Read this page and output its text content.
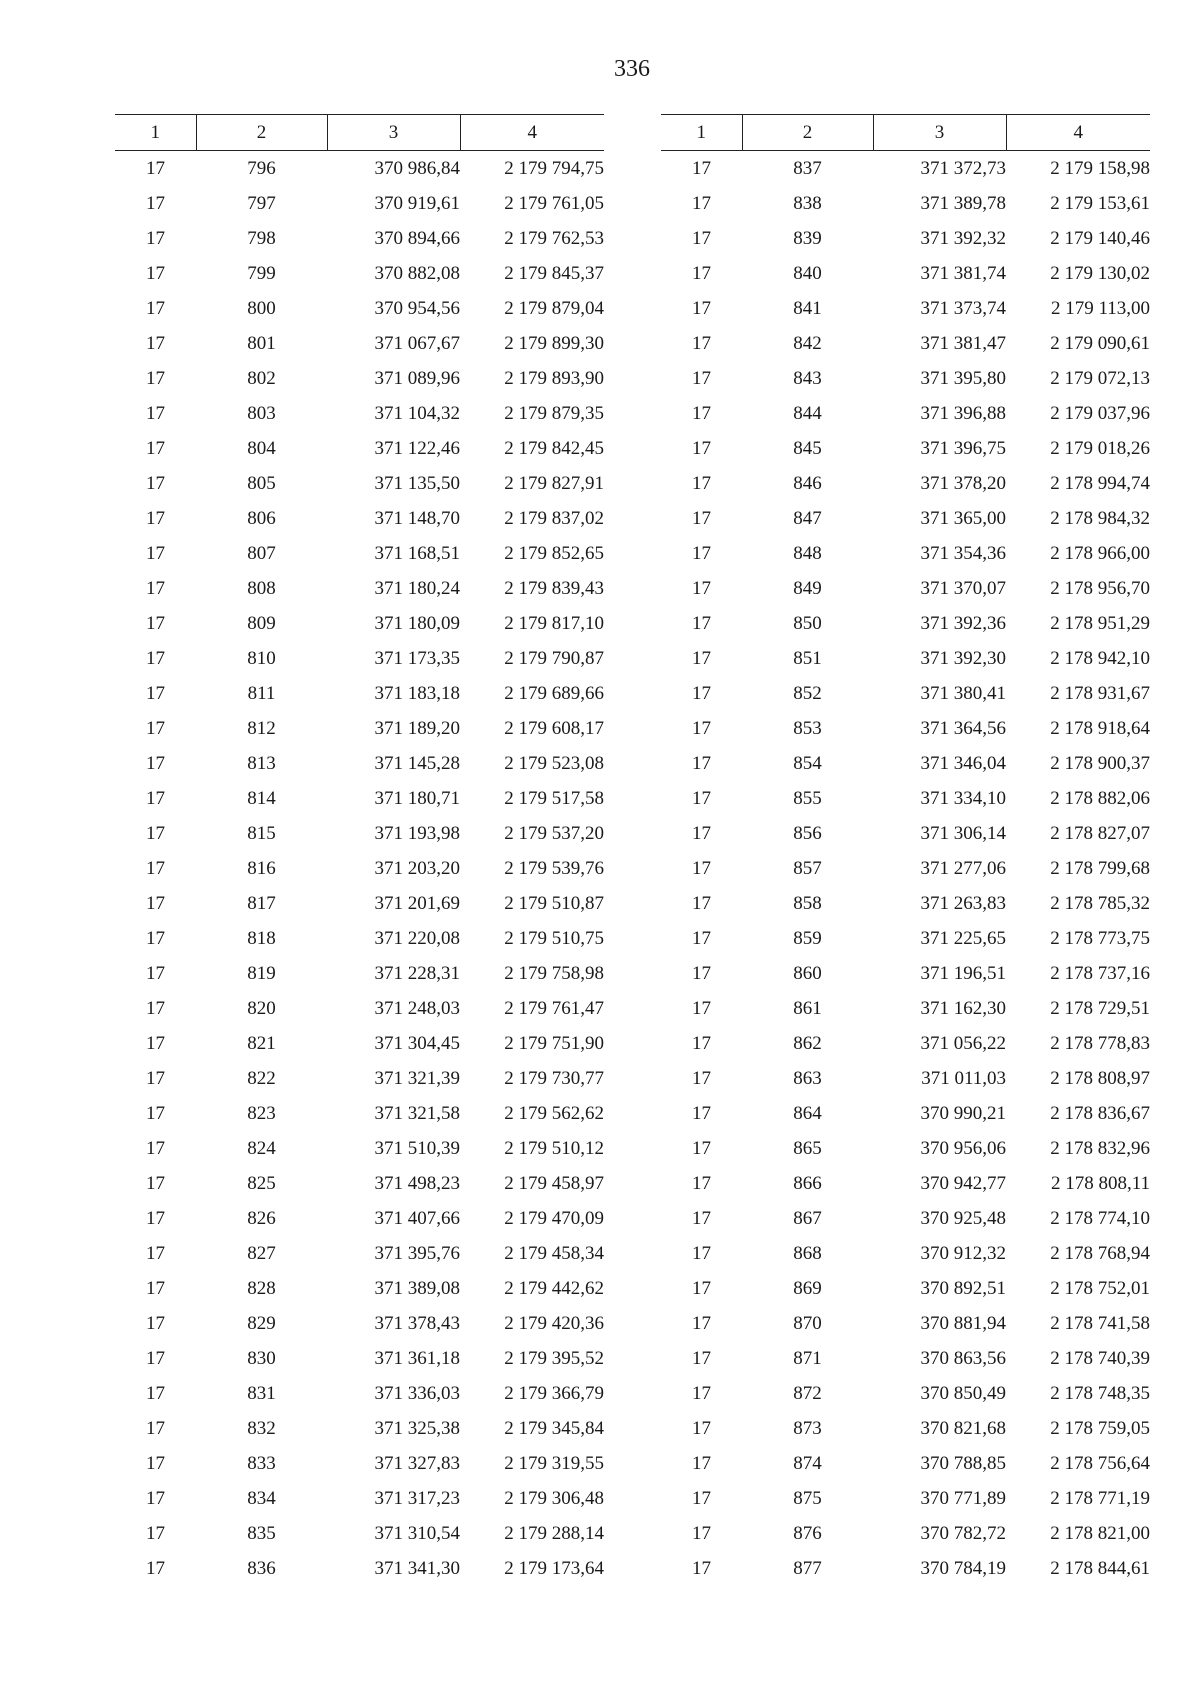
336
1	2	3	4
17	796	370 986,84	2 179 794,75
17	797	370 919,61	2 179 761,05
17	798	370 894,66	2 179 762,53
17	799	370 882,08	2 179 845,37
17	800	370 954,56	2 179 879,04
17	801	371 067,67	2 179 899,30
17	802	371 089,96	2 179 893,90
17	803	371 104,32	2 179 879,35
17	804	371 122,46	2 179 842,45
17	805	371 135,50	2 179 827,91
17	806	371 148,70	2 179 837,02
17	807	371 168,51	2 179 852,65
17	808	371 180,24	2 179 839,43
17	809	371 180,09	2 179 817,10
17	810	371 173,35	2 179 790,87
17	811	371 183,18	2 179 689,66
17	812	371 189,20	2 179 608,17
17	813	371 145,28	2 179 523,08
17	814	371 180,71	2 179 517,58
17	815	371 193,98	2 179 537,20
17	816	371 203,20	2 179 539,76
17	817	371 201,69	2 179 510,87
17	818	371 220,08	2 179 510,75
17	819	371 228,31	2 179 758,98
17	820	371 248,03	2 179 761,47
17	821	371 304,45	2 179 751,90
17	822	371 321,39	2 179 730,77
17	823	371 321,58	2 179 562,62
17	824	371 510,39	2 179 510,12
17	825	371 498,23	2 179 458,97
17	826	371 407,66	2 179 470,09
17	827	371 395,76	2 179 458,34
17	828	371 389,08	2 179 442,62
17	829	371 378,43	2 179 420,36
17	830	371 361,18	2 179 395,52
17	831	371 336,03	2 179 366,79
17	832	371 325,38	2 179 345,84
17	833	371 327,83	2 179 319,55
17	834	371 317,23	2 179 306,48
17	835	371 310,54	2 179 288,14
17	836	371 341,30	2 179 173,64
1	2	3	4
17	837	371 372,73	2 179 158,98
17	838	371 389,78	2 179 153,61
17	839	371 392,32	2 179 140,46
17	840	371 381,74	2 179 130,02
17	841	371 373,74	2 179 113,00
17	842	371 381,47	2 179 090,61
17	843	371 395,80	2 179 072,13
17	844	371 396,88	2 179 037,96
17	845	371 396,75	2 179 018,26
17	846	371 378,20	2 178 994,74
17	847	371 365,00	2 178 984,32
17	848	371 354,36	2 178 966,00
17	849	371 370,07	2 178 956,70
17	850	371 392,36	2 178 951,29
17	851	371 392,30	2 178 942,10
17	852	371 380,41	2 178 931,67
17	853	371 364,56	2 178 918,64
17	854	371 346,04	2 178 900,37
17	855	371 334,10	2 178 882,06
17	856	371 306,14	2 178 827,07
17	857	371 277,06	2 178 799,68
17	858	371 263,83	2 178 785,32
17	859	371 225,65	2 178 773,75
17	860	371 196,51	2 178 737,16
17	861	371 162,30	2 178 729,51
17	862	371 056,22	2 178 778,83
17	863	371 011,03	2 178 808,97
17	864	370 990,21	2 178 836,67
17	865	370 956,06	2 178 832,96
17	866	370 942,77	2 178 808,11
17	867	370 925,48	2 178 774,10
17	868	370 912,32	2 178 768,94
17	869	370 892,51	2 178 752,01
17	870	370 881,94	2 178 741,58
17	871	370 863,56	2 178 740,39
17	872	370 850,49	2 178 748,35
17	873	370 821,68	2 178 759,05
17	874	370 788,85	2 178 756,64
17	875	370 771,89	2 178 771,19
17	876	370 782,72	2 178 821,00
17	877	370 784,19	2 178 844,61
